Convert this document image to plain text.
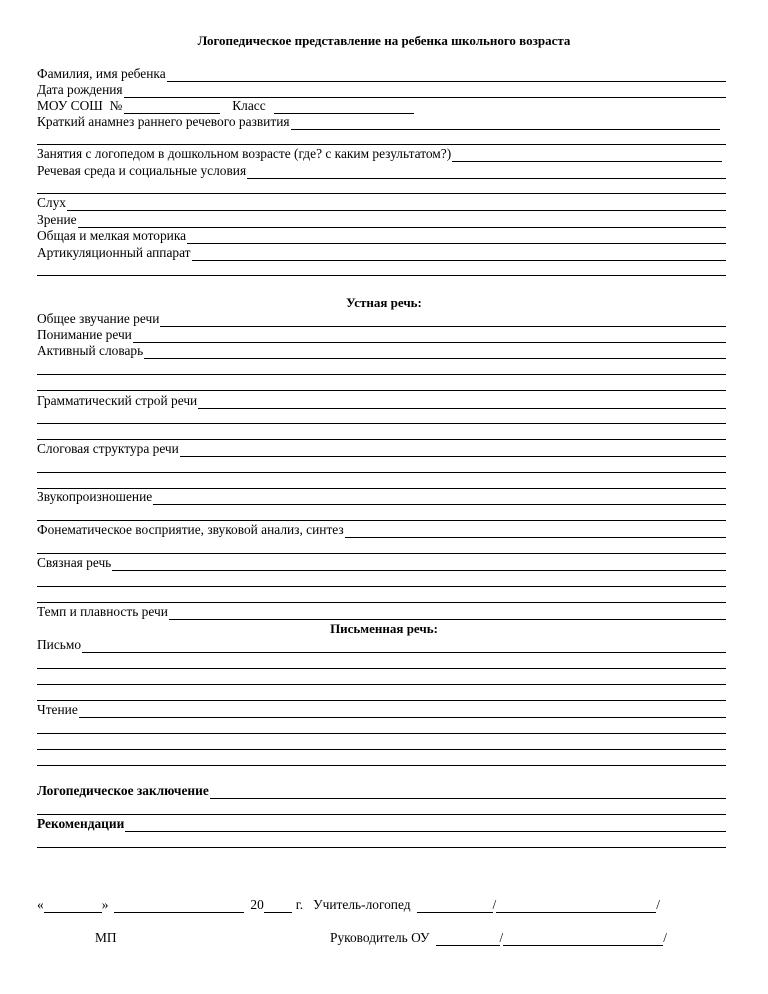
Логопедическое представление на ребенка школьного возраста
Фамилия, имя ребенка
Дата рождения
МОУ СОШ  №	Класс
Краткий анамнез раннего речевого развития
Занятия с логопедом в дошкольном возрасте (где? с каким результатом?)
Речевая среда и социальные условия
Слух
Зрение
Общая и мелкая моторика
Артикуляционный аппарат
Устная речь:
Общее звучание речи
Понимание речи
Активный словарь
Грамматический строй речи
Слоговая структура речи
Звукопроизношение
Фонематическое восприятие, звуковой анализ, синтез
Связная речь
Темп и плавность речи
Письменная речь:
Письмо
Чтение
Логопедическое заключение
Рекомендации
«	»	20 г. Учитель-логопед	/	/
МП	Руководитель ОУ	/	/
